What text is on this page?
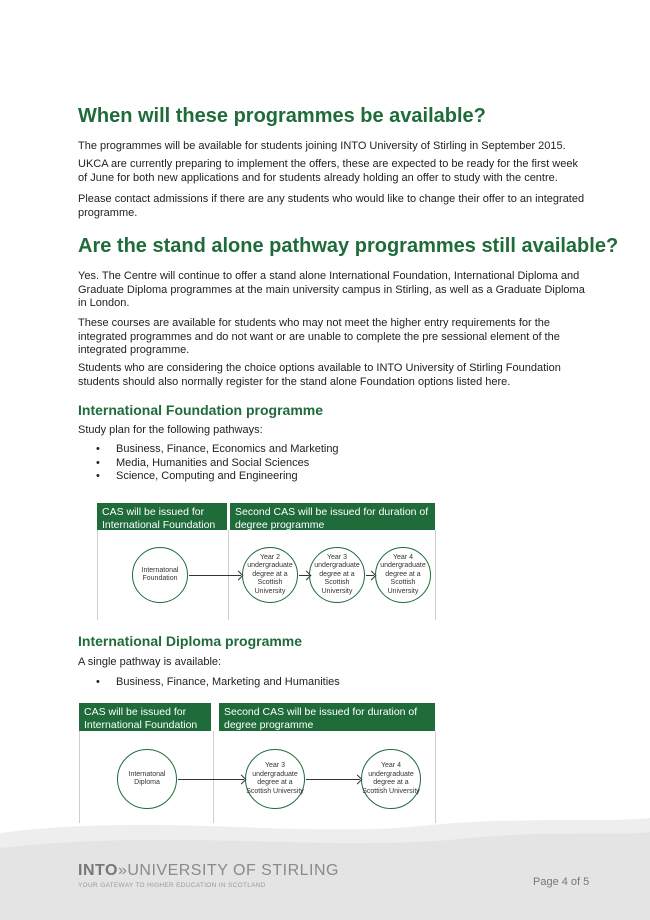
When will these programmes be available?

The programmes will be available for students joining INTO University of Stirling in September 2015.

UKCA are currently preparing to implement the offers, these are expected to be ready for the first week of June for both new applications and for students already holding an offer to study with the centre.

Please contact admissions if there are any students who would like to change their offer to an integrated programme.

Are the stand alone pathway programmes still available?

Yes. The Centre will continue to offer a stand alone International Foundation, International Diploma and Graduate Diploma programmes at the main university campus in Stirling, as well as a Graduate Diploma in London.

These courses are available for students who may not meet the higher entry requirements for the integrated programmes and do not want or are unable to complete the pre sessional element of the integrated programme.

Students who are considering the choice options available to INTO University of Stirling Foundation students should also normally register for the stand alone Foundation options listed here.

International Foundation programme

Study plan for the following pathways:

• Business, Finance, Economics and Marketing
• Media, Humanities and Social Sciences
• Science, Computing and Engineering
CAS will be issued for International Foundation only
Second CAS will be issued for duration of degree programme
Internatonal Foundation
Year 2 undergraduate degree at a Scottish University
Year 3 undergraduate degree at a Scottish University
Year 4 undergraduate degree at a Scottish University
International Diploma programme

A single pathway is available:

• Business, Finance, Marketing and Humanities
CAS will be issued for International Foundation only
Second CAS will be issued for duration of degree programme
Internatonal Diploma
Year 3 undergraduate degree at a Scottish University
Year 4 undergraduate degree at a Scottish University
INTO»UNIVERSITY OF STIRLING
YOUR GATEWAY TO HIGHER EDUCATION IN SCOTLAND	Page 4 of 5
